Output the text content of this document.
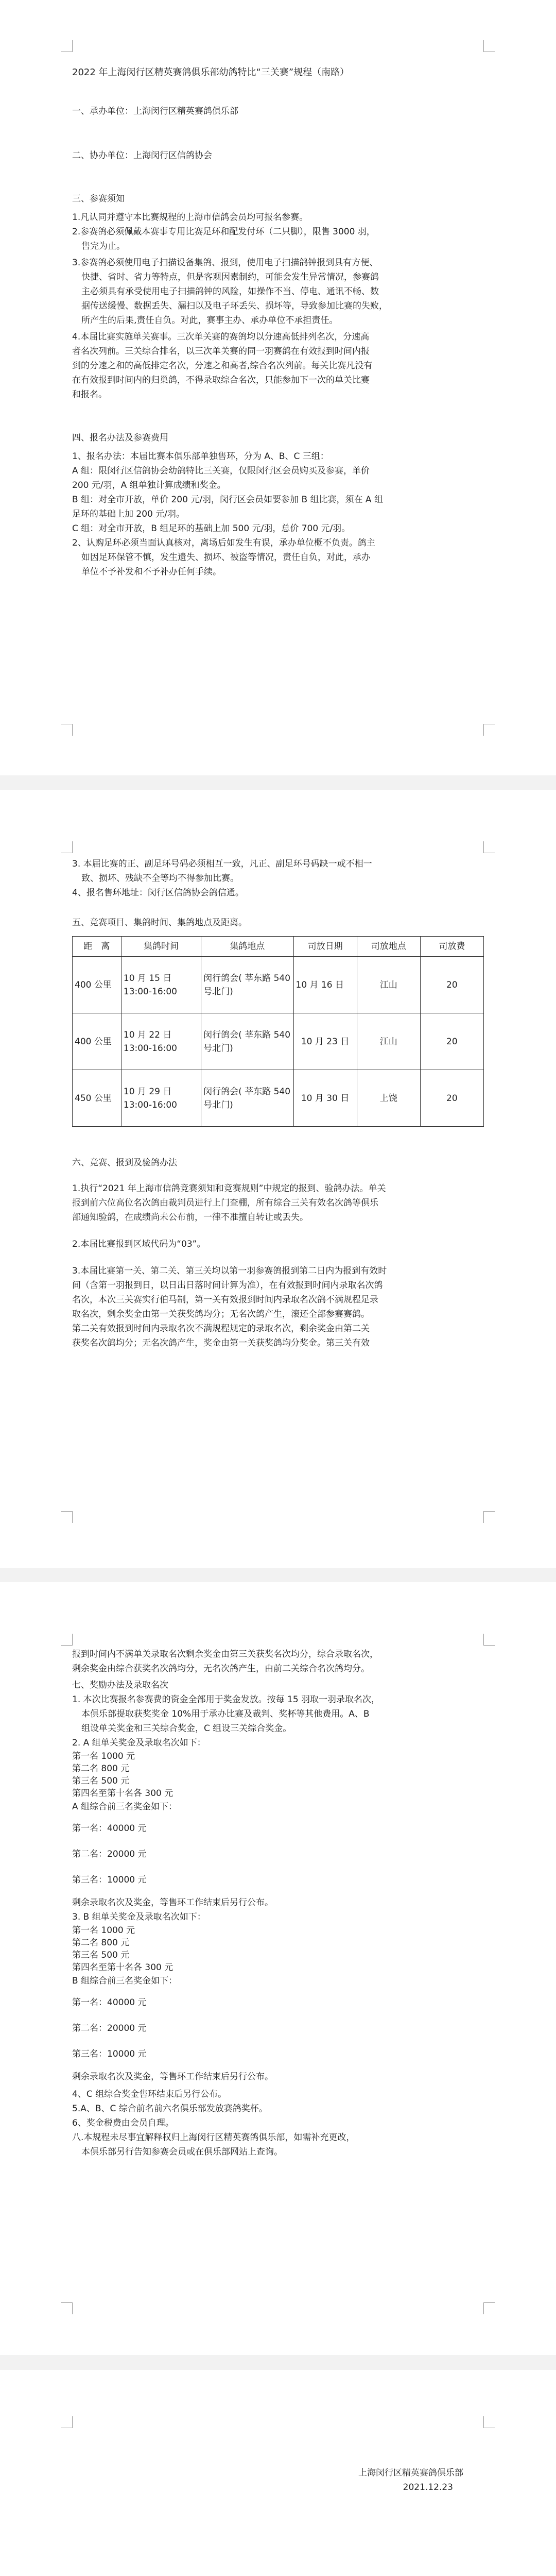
2022 年上海闵行区精英赛鸽俱乐部幼鸽特比“三关赛”规程（南路）

一、承办单位：上海闵行区精英赛鸽俱乐部

二、协办单位：上海闵行区信鸽协会

三、参赛须知

1.凡认同并遵守本比赛规程的上海市信鸽会员均可报名参赛。

2.参赛鸽必须佩戴本赛事专用比赛足环和配发付环（二只脚），限售 3000 羽，

售完为止。

3.参赛鸽必须使用电子扫描设备集鸽、报到，使用电子扫描鸽钟报到具有方便、

快捷、省时、省力等特点，但是客观因素制约，可能会发生异常情况，参赛鸽

主必须具有承受使用电子扫描鸽钟的风险，如操作不当、停电、通讯不畅、数

据传送缓慢、数据丢失、漏扫以及电子环丢失、损坏等，导致参加比赛的失败，

所产生的后果,责任自负。对此，赛事主办、承办单位不承担责任。

4.本届比赛实施单关赛事。三次单关赛的赛鸽均以分速高低排列名次，分速高

者名次列前。三关综合排名，以三次单关赛的同一羽赛鸽在有效报到时间内报

到的分速之和的高低排定名次，分速之和高者,综合名次列前。每关比赛凡没有

在有效报到时间内的归巢鸽，不得录取综合名次，只能参加下一次的单关比赛

和报名。

四、报名办法及参赛费用

1、报名办法：本届比赛本俱乐部单独售环，分为 A、B、C 三组：

A 组：限闵行区信鸽协会幼鸽特比三关赛，仅限闵行区会员购买及参赛，单价

200 元/羽，A 组单独计算成绩和奖金。

B 组：对全市开放，单价 200 元/羽，闵行区会员如要参加 B 组比赛，须在 A 组

足环的基础上加 200 元/羽。

C 组：对全市开放，B 组足环的基础上加 500 元/羽，总价 700 元/羽。

2、认购足环必须当面认真核对，离场后如发生有误，承办单位概不负责。鸽主

如因足环保管不慎，发生遗失、损坏、被盗等情况，责任自负，对此，承办

单位不予补发和不予补办任何手续。

3. 本届比赛的正、副足环号码必须相互一致，凡正、副足环号码缺一或不相一

致、损坏、残缺不全等均不得参加比赛。

4、报名售环地址：闵行区信鸽协会鸽信通。

五、竞赛项目、集鸽时间、集鸽地点及距离。

距　离	集鸽时间	集鸽地点	司放日期	司放地点	司放费
400 公里	10 月 15 日 13:00-16:00	闵行鸽会( 莘东路 540 号北门)	10 月 16 日	江山	20
400 公里	10 月 22 日 13:00-16:00	闵行鸽会( 莘东路 540 号北门)	10 月 23 日	江山	20
450 公里	10 月 29 日 13:00-16:00	闵行鸽会( 莘东路 540 号北门)	10 月 30 日	上饶	20

六、竞赛、报到及验鸽办法

1.执行“2021 年上海市信鸽竞赛须知和竞赛规则”中规定的报到、验鸽办法。单关

报到前六位高位名次鸽由裁判员进行上门查棚，所有综合三关有效名次鸽等俱乐

部通知验鸽，在成绩尚未公布前，一律不准擅自转让或丢失。

2.本届比赛报到区域代码为“03”。

3.本届比赛第一关、第二关、第三关均以第一羽参赛鸽报到第二日内为报到有效时

间（含第一羽报到日，以日出日落时间计算为准），在有效报到时间内录取名次鸽

名次，本次三关赛实行伯马制，第一关有效报到时间内录取名次鸽不满规程足录

取名次，剩余奖金由第一关获奖鸽均分；无名次鸽产生，滚还全部参赛赛鸽。

第二关有效报到时间内录取名次不满规程规定的录取名次，剩余奖金由第二关

获奖名次鸽均分；无名次鸽产生，奖金由第一关获奖鸽均分奖金。第三关有效

报到时间内不满单关录取名次剩余奖金由第三关获奖名次均分，综合录取名次，

剩余奖金由综合获奖名次鸽均分，无名次鸽产生，由前二关综合名次鸽均分。

七、奖励办法及录取名次

1. 本次比赛报名参赛费的资金全部用于奖金发放。按每 15 羽取一羽录取名次，

本俱乐部提取获奖奖金 10%用于承办比赛及裁判、奖杯等其他费用。A、B

组设单关奖金和三关综合奖金，C 组设三关综合奖金。

2. A 组单关奖金及录取名次如下：

第一名 1000 元

第二名 800 元

第三名 500 元

第四名至第十名各 300 元

A 组综合前三名奖金如下：

第一名：40000 元

第二名：20000 元

第三名：10000 元

剩余录取名次及奖金，等售环工作结束后另行公布。

3. B 组单关奖金及录取名次如下：

第一名 1000 元

第二名 800 元

第三名 500 元

第四名至第十名各 300 元

B 组综合前三名奖金如下：

第一名：40000 元

第二名：20000 元

第三名：10000 元

剩余录取名次及奖金，等售环工作结束后另行公布。

4、C 组综合奖金售环结束后另行公布。

5.A、B、C 综合前名前六名俱乐部发放赛鸽奖杯。

6、奖金税费由会员自理。

八.本规程未尽事宜解释权归上海闵行区精英赛鸽俱乐部，如需补充更改，

本俱乐部另行告知参赛会员或在俱乐部网站上查询。

上海闵行区精英赛鸽俱乐部

2021.12.23
